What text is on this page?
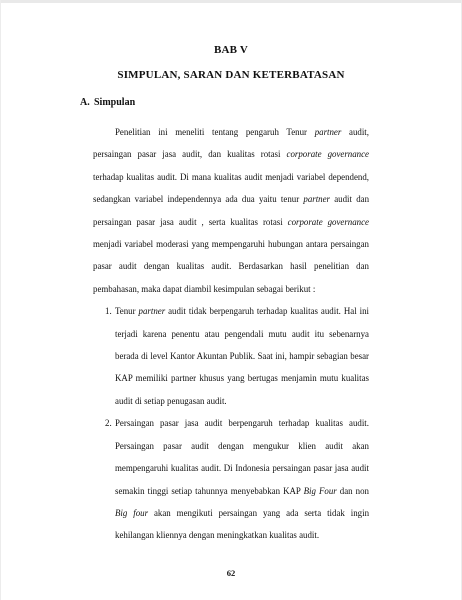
BAB V
SIMPULAN, SARAN DAN KETERBATASAN
A. Simpulan

Penelitian ini meneliti tentang pengaruh Tenur partner audit, persaingan pasar jasa audit, dan kualitas rotasi corporate governance terhadap kualitas audit. Di mana kualitas audit menjadi variabel dependend, sedangkan variabel independennya ada dua yaitu tenur partner audit dan persaingan pasar jasa audit , serta kualitas rotasi corporate governance menjadi variabel moderasi yang mempengaruhi hubungan antara persaingan pasar audit dengan kualitas audit. Berdasarkan hasil penelitian dan pembahasan, maka dapat diambil kesimpulan sebagai berikut :

1. Tenur partner audit tidak berpengaruh terhadap kualitas audit. Hal ini terjadi karena penentu atau pengendali mutu audit itu sebenarnya berada di level Kantor Akuntan Publik. Saat ini, hampir sebagian besar KAP memiliki partner khusus yang bertugas menjamin mutu kualitas audit di setiap penugasan audit.
2. Persaingan pasar jasa audit berpengaruh terhadap kualitas audit. Persaingan pasar audit dengan mengukur klien audit akan mempengaruhi kualitas audit. Di Indonesia persaingan pasar jasa audit semakin tinggi setiap tahunnya menyebabkan KAP Big Four dan non Big four akan mengikuti persaingan yang ada serta tidak ingin kehilangan kliennya dengan meningkatkan kualitas audit.
62
